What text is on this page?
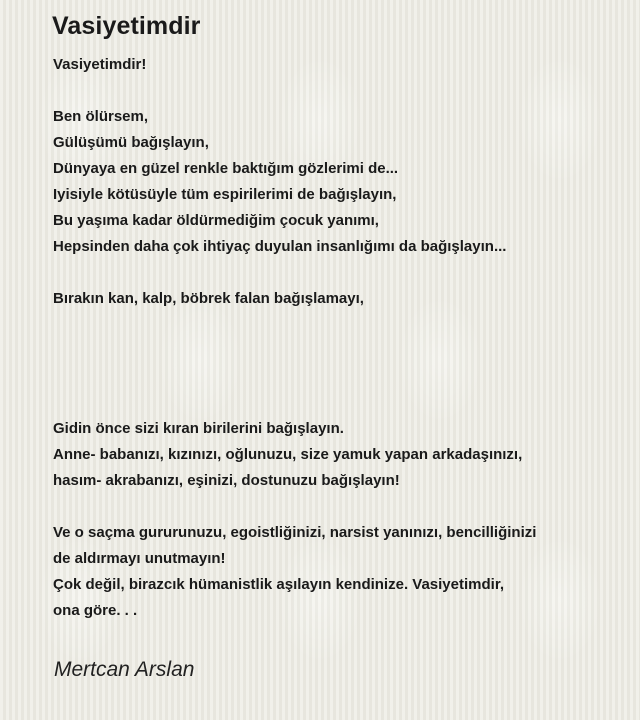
Vasiyetimdir
Vasiyetimdir!
Ben ölürsem,
Gülüşümü bağışlayın,
Dünyaya en güzel renkle baktığım gözlerimi de...
Iyisiyle kötüsüyle tüm espirilerimi de bağışlayın,
Bu yaşıma kadar öldürmediğim çocuk yanımı,
Hepsinden daha çok ihtiyaç duyulan insanlığımı da bağışlayın...
Bırakın kan, kalp, böbrek falan bağışlamayı,
Gidin önce sizi kıran birilerini bağışlayın.
Anne- babanızı, kızınızı, oğlunuzu, size yamuk yapan arkadaşınızı,
hasım- akrabanızı, eşinizi, dostunuzu bağışlayın!
Ve o saçma gururunuzu, egoistliğinizi, narsist yanınızı, bencilliğinizi
de aldırmayı unutmayın!
Çok değil, birazcık hümanistlik aşılayın kendinize. Vasiyetimdir,
ona göre. . .
Mertcan Arslan
